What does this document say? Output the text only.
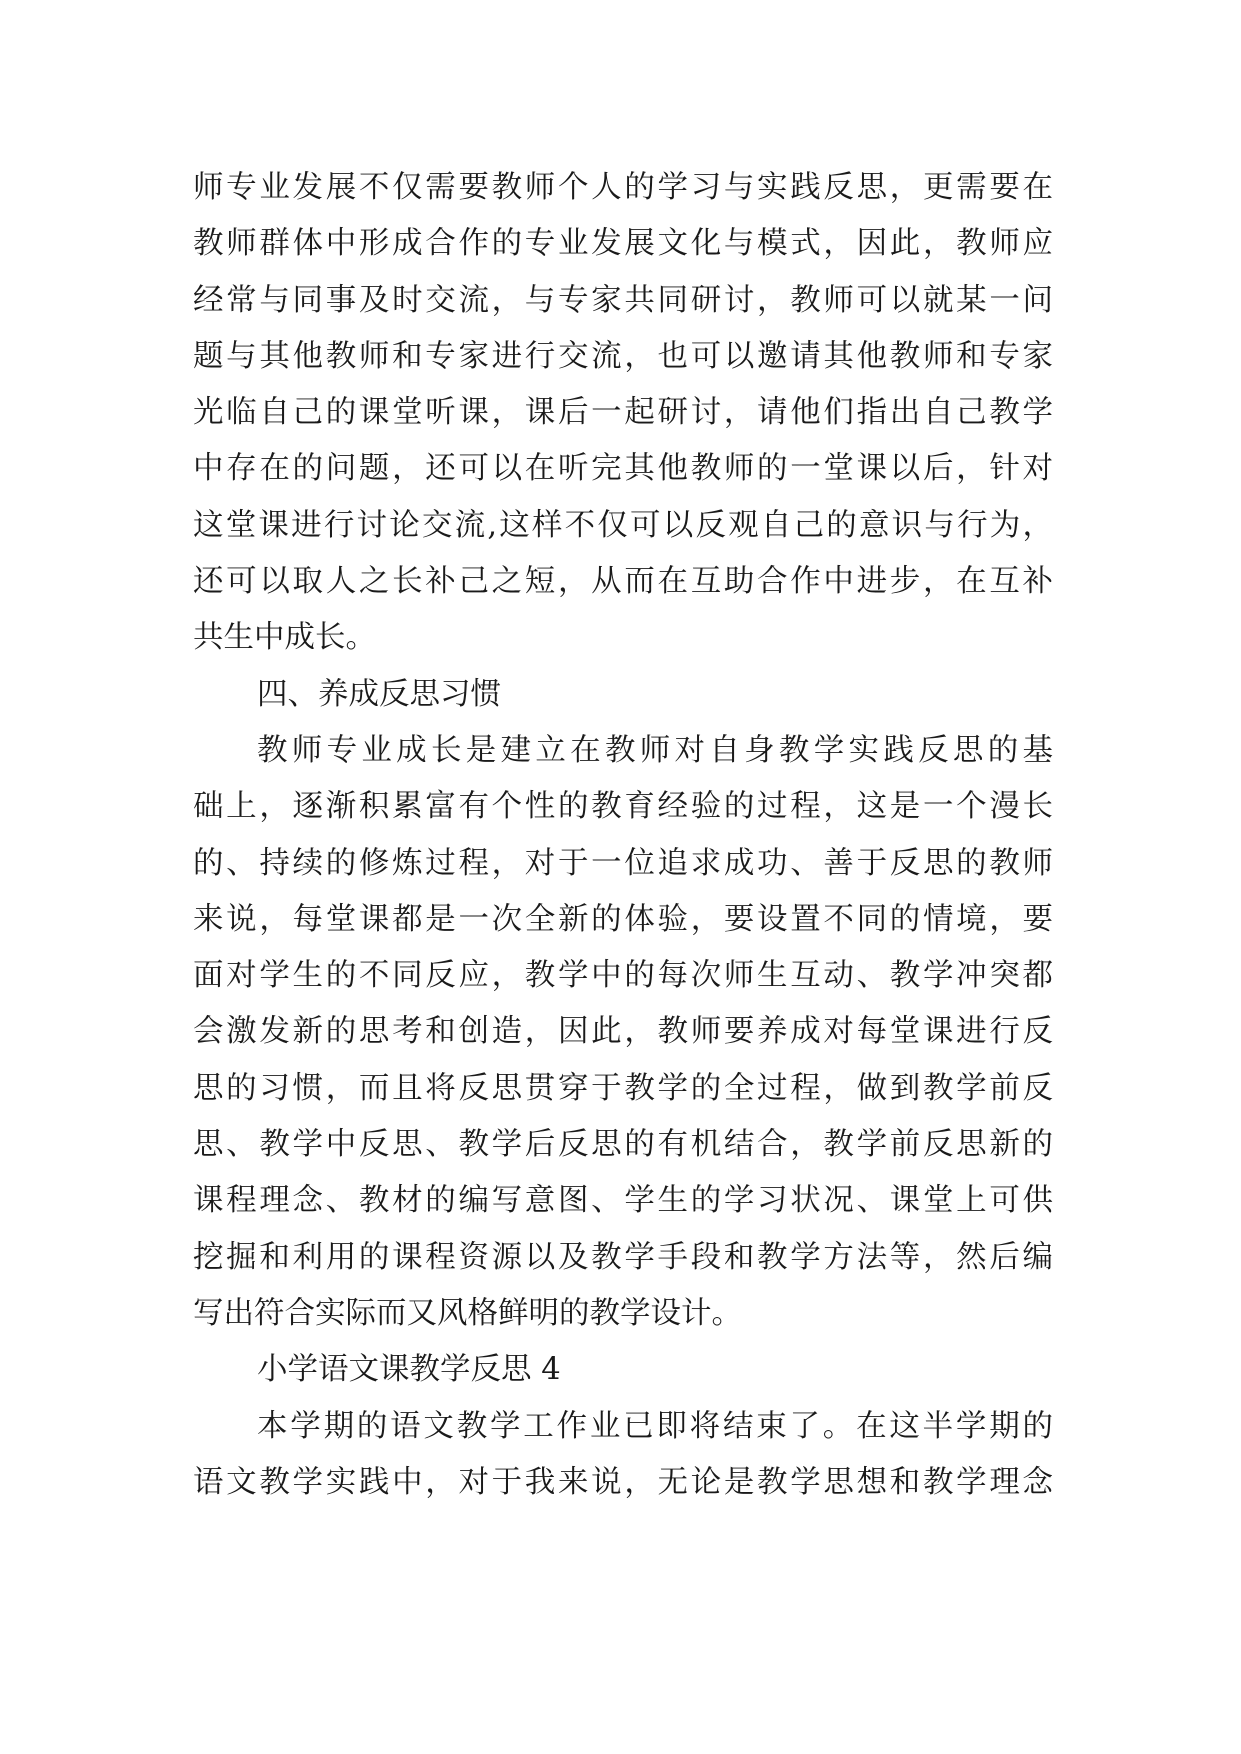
师专业发展不仅需要教师个人的学习与实践反思，更需要在
教师群体中形成合作的专业发展文化与模式，因此，教师应
经常与同事及时交流，与专家共同研讨，教师可以就某一问
题与其他教师和专家进行交流，也可以邀请其他教师和专家
光临自己的课堂听课，课后一起研讨，请他们指出自己教学
中存在的问题，还可以在听完其他教师的一堂课以后，针对
这堂课进行讨论交流,这样不仅可以反观自己的意识与行为，
还可以取人之长补己之短，从而在互助合作中进步，在互补
共生中成长。
四、养成反思习惯
教师专业成长是建立在教师对自身教学实践反思的基
础上，逐渐积累富有个性的教育经验的过程，这是一个漫长
的、持续的修炼过程，对于一位追求成功、善于反思的教师
来说，每堂课都是一次全新的体验，要设置不同的情境，要
面对学生的不同反应，教学中的每次师生互动、教学冲突都
会激发新的思考和创造，因此，教师要养成对每堂课进行反
思的习惯，而且将反思贯穿于教学的全过程，做到教学前反
思、教学中反思、教学后反思的有机结合，教学前反思新的
课程理念、教材的编写意图、学生的学习状况、课堂上可供
挖掘和利用的课程资源以及教学手段和教学方法等，然后编
写出符合实际而又风格鲜明的教学设计。
小学语文课教学反思 4
本学期的语文教学工作业已即将结束了。在这半学期的
语文教学实践中，对于我来说，无论是教学思想和教学理念
